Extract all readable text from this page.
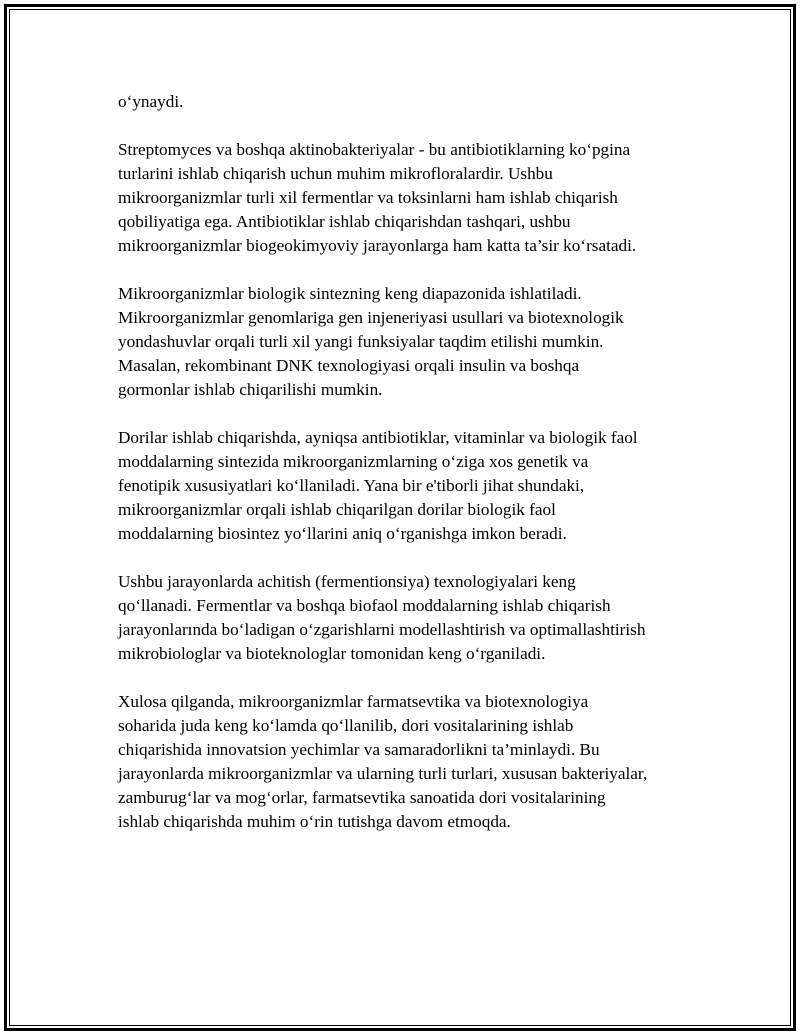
o‘ynaydi.

Streptomyces va boshqa aktinobakteriyalar - bu antibiotiklarning ko‘pgina
turlarini ishlab chiqarish uchun muhim mikrofloralardir. Ushbu
mikroorganizmlar turli xil fermentlar va toksinlarni ham ishlab chiqarish
qobiliyatiga ega. Antibiotiklar ishlab chiqarishdan tashqari, ushbu
mikroorganizmlar biogeokimyoviy jarayonlarga ham katta ta’sir ko‘rsatadi.

Mikroorganizmlar biologik sintezning keng diapazonida ishlatiladi.
Mikroorganizmlar genomlariga gen injeneriyasi usullari va biotexnologik
yondashuvlar orqali turli xil yangi funksiyalar taqdim etilishi mumkin.
Masalan, rekombinant DNK texnologiyasi orqali insulin va boshqa
gormonlar ishlab chiqarilishi mumkin.

Dorilar ishlab chiqarishda, ayniqsa antibiotiklar, vitaminlar va biologik faol
moddalarning sintezida mikroorganizmlarning o‘ziga xos genetik va
fenotipik xususiyatlari ko‘llaniladi. Yana bir e'tiborli jihat shundaki,
mikroorganizmlar orqali ishlab chiqarilgan dorilar biologik faol
moddalarning biosintez yo‘llarini aniq o‘rganishga imkon beradi.

Ushbu jarayonlarda achitish (fermentionsiya) texnologiyalari keng
qo‘llanadi. Fermentlar va boshqa biofaol moddalarning ishlab chiqarish
jarayonlarında bo‘ladigan o‘zgarishlarni modellashtirish va optimallashtirish
mikrobiologlar va bioteknologlar tomonidan keng o‘rganiladi.

Xulosa qilganda, mikroorganizmlar farmatsevtika va biotexnologiya
soharida juda keng ko‘lamda qo‘llanilib, dori vositalarining ishlab
chiqarishida innovatsion yechimlar va samaradorlikni ta’minlaydi. Bu
jarayonlarda mikroorganizmlar va ularning turli turlari, xususan bakteriyalar,
zamburug‘lar va mog‘orlar, farmatsevtika sanoatida dori vositalarining
ishlab chiqarishda muhim o‘rin tutishga davom etmoqda.
